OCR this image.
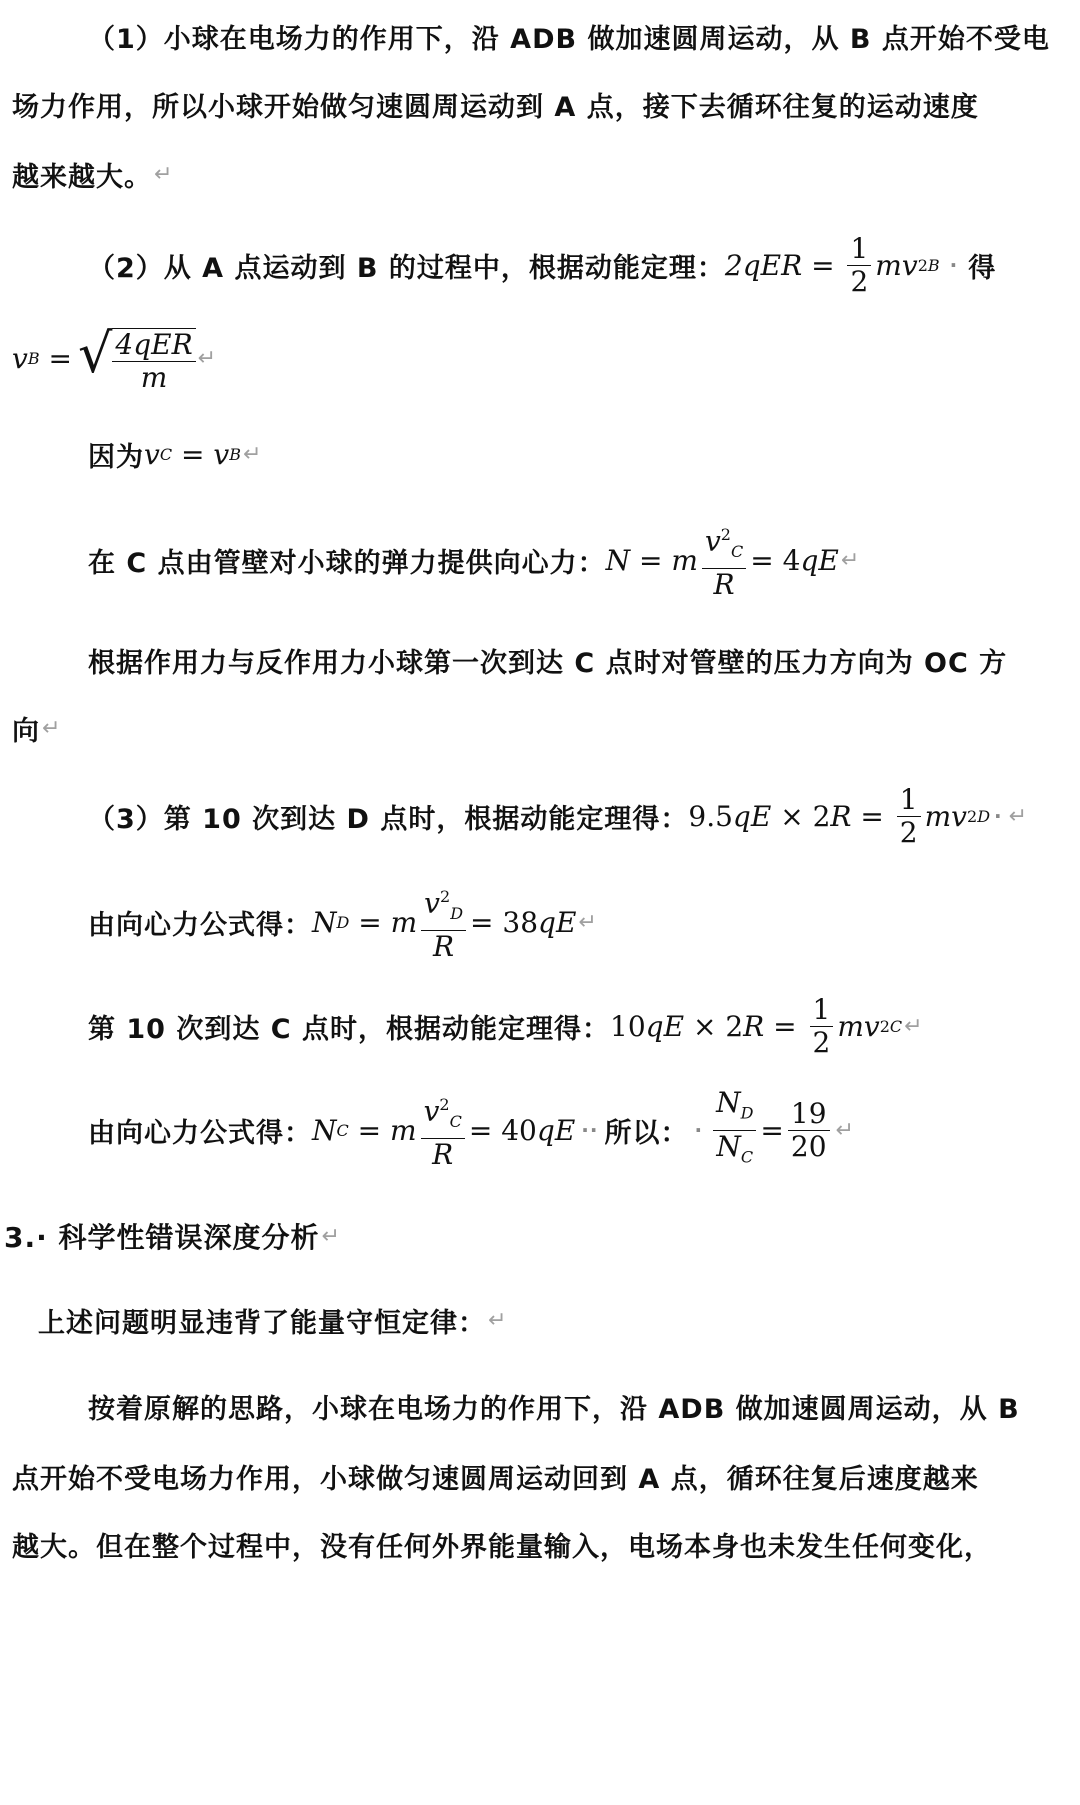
（1）小球在电场力的作用下，沿 ADB 做加速圆周运动，从 B 点开始不受电
场力作用，所以小球开始做匀速圆周运动到 A 点，接下去循环往复的运动速度
越来越大。 ↵
（2）从 A 点运动到 B 的过程中，根据动能定理： 2 q E R
=
$\frac{1}{2}$ m v 2 B · 得
v B
= √ $\frac{\text{4qER}}{m}$ ↵
因为 v C
=
v B ↵
在 C 点由管壁对小球的弹力提供向心力： N
=
m $\frac{v^2_C}{R}$ =
4 q E ↵
根据作用力与反作用力小球第一次到达 C 点时对管壁的压力方向为 OC 方
向 ↵
（3）第 10 次到达 D 点时，根据动能定理得： 9.5 q E
×
2 R
=
$\frac{1}{2}$ m v 2 D · ↵
由向心力公式得： N D
=
m $\frac{v^2_D}{R}$ =
38 q E ↵
第 10 次到达 C 点时，根据动能定理得： 10 q E
×
2 R
=
$\frac{1}{2}$ m v 2 C ↵
由向心力公式得： N C
=
m $\frac{v^2_C}{R}$ =
40 q E ·· 所以： · $\frac{N_D}{N_C} = \frac{19}{20}$ ↵
3.· 科学性错误深度分析 ↵
上述问题明显违背了能量守恒定律： ↵
按着原解的思路，小球在电场力的作用下，沿 ADB 做加速圆周运动，从 B
点开始不受电场力作用，小球做匀速圆周运动回到 A 点，循环往复后速度越来
越大。但在整个过程中，没有任何外界能量输入，电场本身也未发生任何变化，
